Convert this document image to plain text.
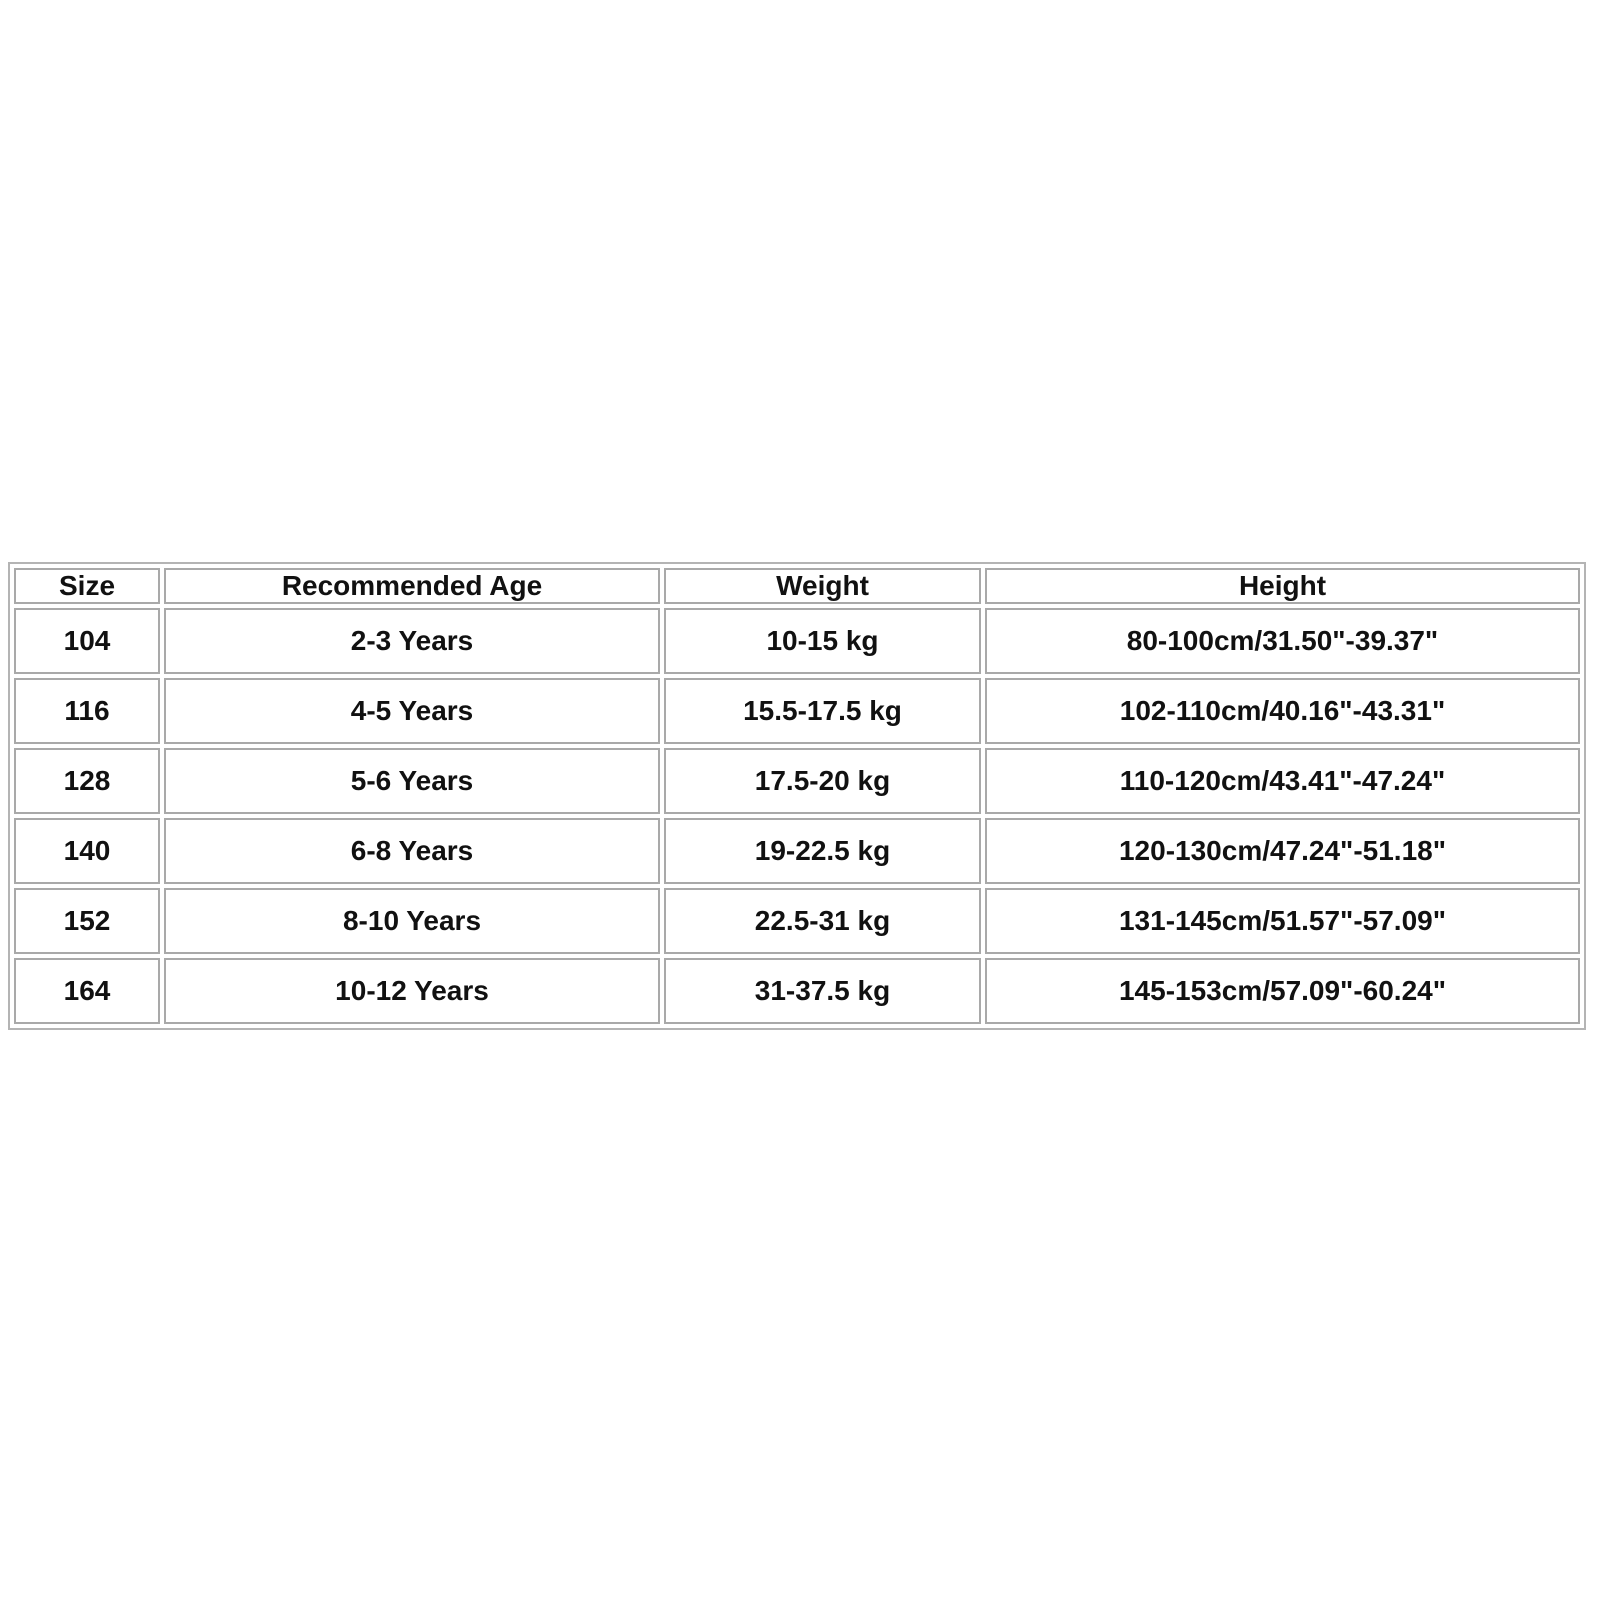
Size	Recommended Age	Weight	Height
104	2-3 Years	10-15 kg	80-100cm/31.50"-39.37"
116	4-5 Years	15.5-17.5 kg	102-110cm/40.16"-43.31"
128	5-6 Years	17.5-20 kg	110-120cm/43.41"-47.24"
140	6-8 Years	19-22.5 kg	120-130cm/47.24"-51.18"
152	8-10 Years	22.5-31 kg	131-145cm/51.57"-57.09"
164	10-12 Years	31-37.5 kg	145-153cm/57.09"-60.24"
